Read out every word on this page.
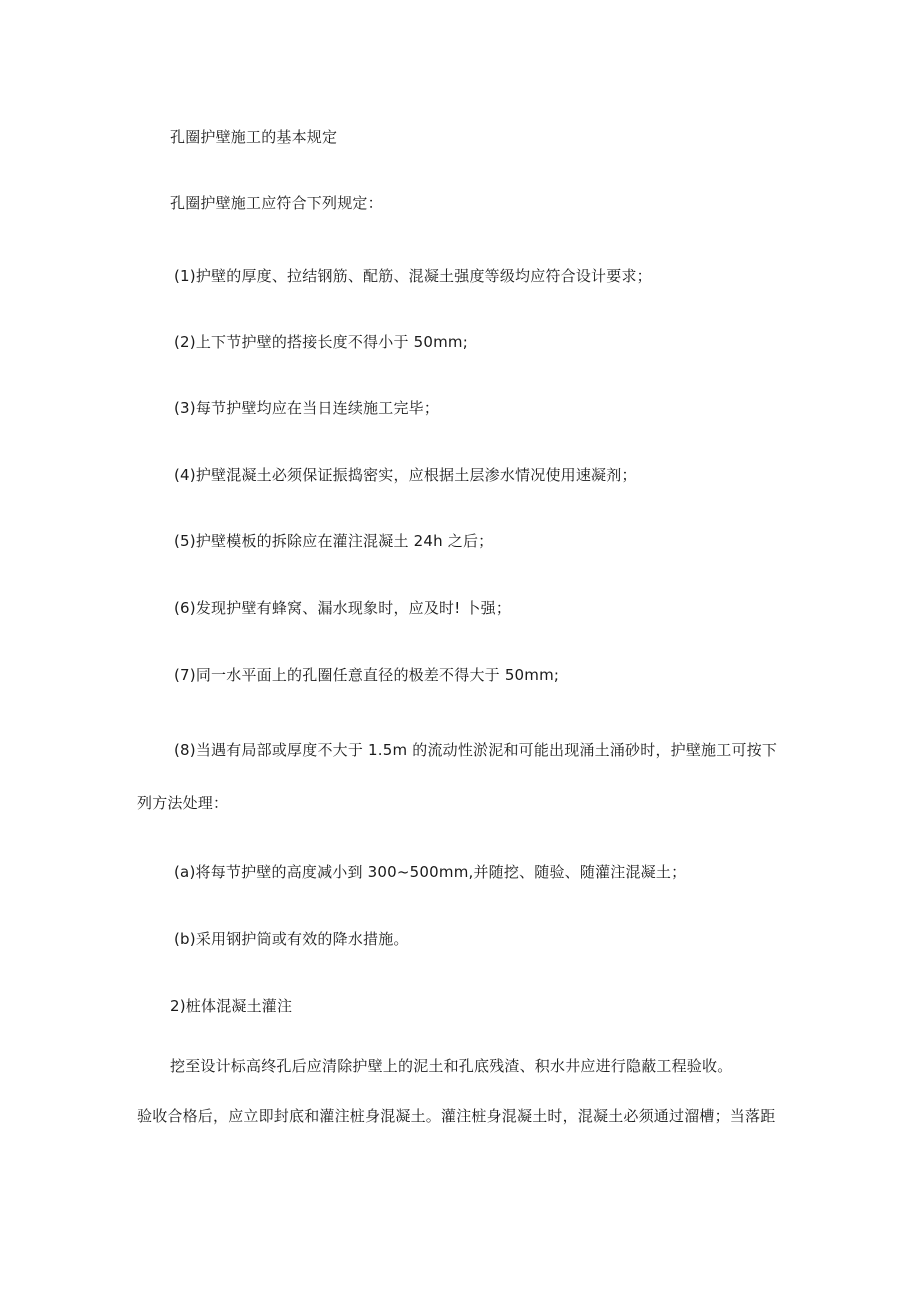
孔圈护壁施工的基本规定
孔圈护壁施工应符合下列规定：
(1)护壁的厚度、拉结钢筋、配筋、混凝土强度等级均应符合设计要求；
(2)上下节护壁的搭接长度不得小于 50mm;
(3)每节护壁均应在当日连续施工完毕；
(4)护壁混凝土必须保证振捣密实，应根据土层渗水情况使用速凝剂；
(5)护壁模板的拆除应在灌注混凝土 24h 之后；
(6)发现护壁有蜂窝、漏水现象时，应及时! 卜强；
(7)同一水平面上的孔圈任意直径的极差不得大于 50mm;
(8)当遇有局部或厚度不大于 1.5m 的流动性淤泥和可能出现涌土涌砂时，护壁施工可按下
列方法处理：
(a)将每节护壁的高度减小到 300~500mm,并随挖、随验、随灌注混凝土；
(b)采用钢护筒或有效的降水措施。
2)桩体混凝土灌注
挖至设计标高终孔后应清除护壁上的泥土和孔底残渣、积水井应进行隐蔽工程验收。
验收合格后，应立即封底和灌注桩身混凝土。灌注桩身混凝土时，混凝土必须通过溜槽；当落距
